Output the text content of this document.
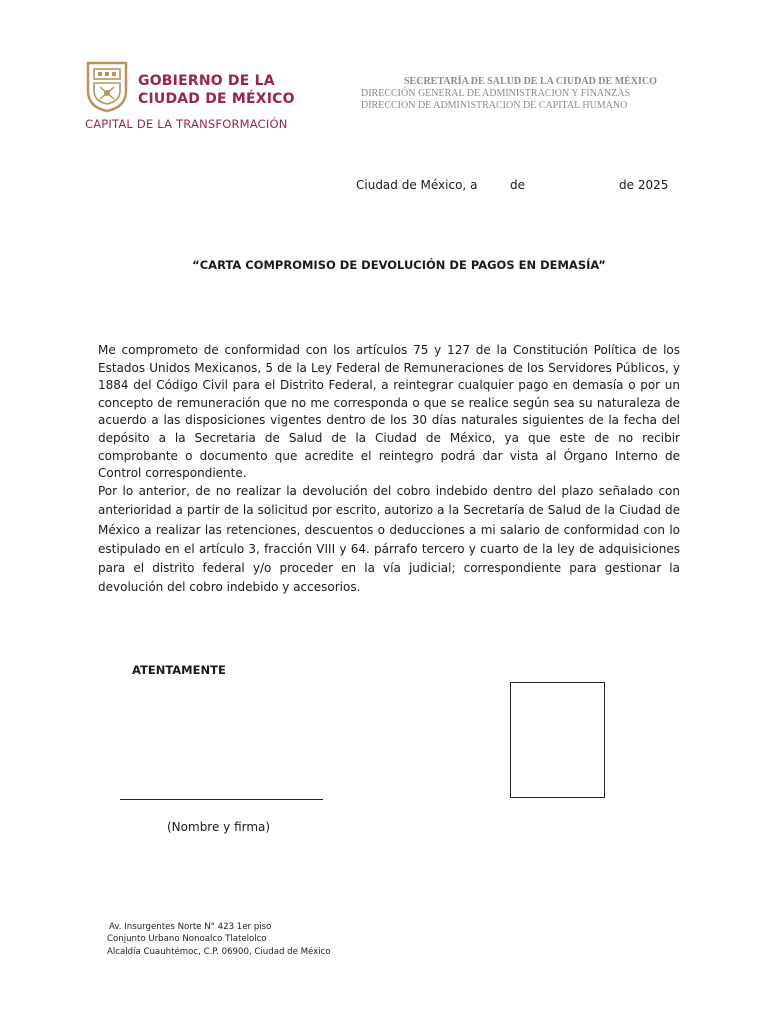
GOBIERNO DE LA
CIUDAD DE MÉXICO
CAPITAL DE LA TRANSFORMACIÓN
SECRETARÍA DE SALUD DE LA CIUDAD DE MÉXICO
DIRECCIÓN GENERAL DE ADMINISTRACION Y FINANZAS
DIRECCION DE ADMINISTRACION DE CAPITAL HUMANO
Ciudad de México, a	de	de 2025
“CARTA COMPROMISO DE DEVOLUCIÓN DE PAGOS EN DEMASÍA”
Me comprometo de conformidad con los artículos 75 y 127 de la Constitución Política de los Estados Unidos Mexicanos, 5 de la Ley Federal de Remuneraciones de los Servidores Públicos, y 1884 del Código Civil para el Distrito Federal, a reintegrar cualquier pago en demasía o por un concepto de remuneración que no me corresponda o que se realice según sea su naturaleza de acuerdo a las disposiciones vigentes dentro de los 30 días naturales siguientes de la fecha del depósito a la Secretaria de Salud de la Ciudad de México, ya que este de no recibir comprobante o documento que acredite el reintegro podrá dar vista al Órgano Interno de Control correspondiente.
Por lo anterior, de no realizar la devolución del cobro indebido dentro del plazo señalado con anterioridad a partir de la solicitud por escrito, autorizo a la Secretaría de Salud de la Ciudad de México a realizar las retenciones, descuentos o deducciones a mi salario de conformidad con lo estipulado en el artículo 3, fracción VIII y 64. párrafo tercero y cuarto de la ley de adquisiciones para el distrito federal y/o proceder en la vía judicial; correspondiente para gestionar la devolución del cobro indebido y accesorios.
ATENTAMENTE
(Nombre y firma)
Av. Insurgentes Norte N° 423 1er piso
Conjunto Urbano Nonoalco Tlatelolco
Alcaldía Cuauhtémoc, C.P. 06900, Ciudad de México
